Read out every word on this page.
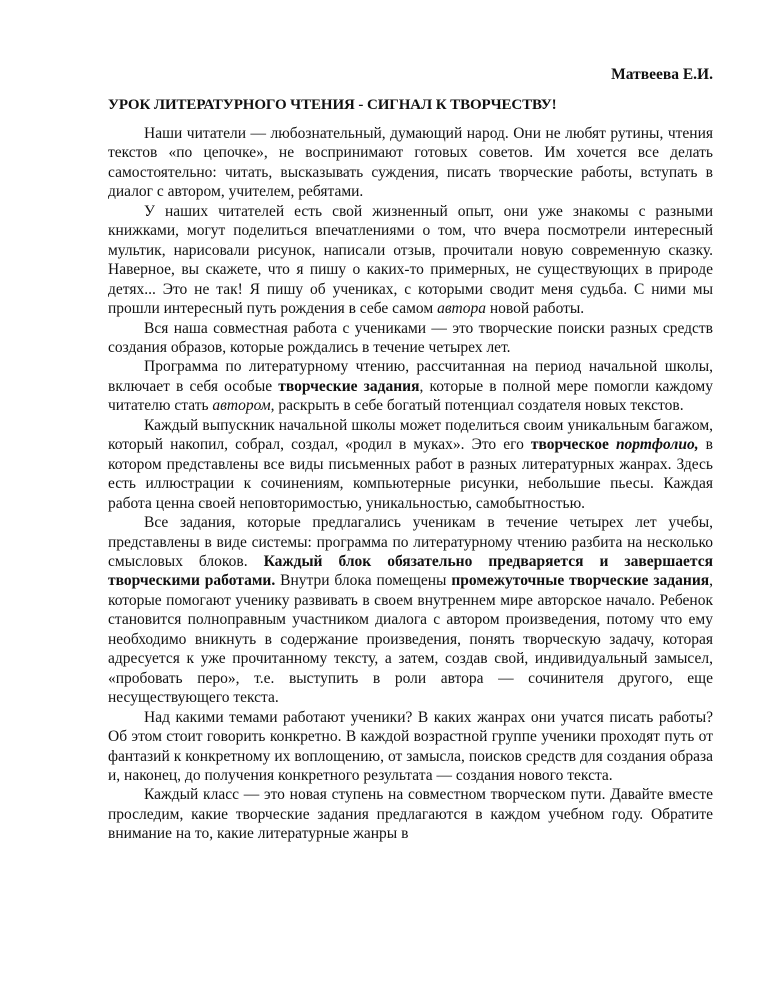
Матвеева Е.И.
УРОК ЛИТЕРАТУРНОГО ЧТЕНИЯ - СИГНАЛ К ТВОРЧЕСТВУ!

Наши читатели — любознательный, думающий народ. Они не любят рутины, чтения текстов «по цепочке», не воспринимают готовых советов. Им хочется все делать самостоятельно: читать, высказывать суждения, писать творческие работы, вступать в диалог с автором, учителем, ребятами.

У наших читателей есть свой жизненный опыт, они уже знакомы с разными книжками, могут поделиться впечатлениями о том, что вчера посмотрели интересный мультик, нарисовали рисунок, написали отзыв, прочитали новую современную сказку. Наверное, вы скажете, что я пишу о каких-то примерных, не существующих в природе детях... Это не так! Я пишу об учениках, с которыми сводит меня судьба. С ними мы прошли интересный путь рождения в себе самом автора новой работы.

Вся наша совместная работа с учениками — это творческие поиски разных средств создания образов, которые рождались в течение четырех лет.

Программа по литературному чтению, рассчитанная на период начальной школы, включает в себя особые творческие задания, которые в полной мере помогли каждому читателю стать автором, раскрыть в себе богатый потенциал создателя новых текстов.

Каждый выпускник начальной школы может поделиться своим уникальным багажом, который накопил, собрал, создал, «родил в муках». Это его творческое портфолио, в котором представлены все виды письменных работ в разных литературных жанрах. Здесь есть иллюстрации к сочинениям, компьютерные рисунки, небольшие пьесы. Каждая работа ценна своей неповторимостью, уникальностью, самобытностью.

Все задания, которые предлагались ученикам в течение четырех лет учебы, представлены в виде системы: программа по литературному чтению разбита на несколько смысловых блоков. Каждый блок обязательно предваряется и завершается творческими работами. Внутри блока помещены промежуточные творческие задания, которые помогают ученику развивать в своем внутреннем мире авторское начало. Ребенок становится полноправным участником диалога с автором произведения, потому что ему необходимо вникнуть в содержание произведения, понять творческую задачу, которая адресуется к уже прочитанному тексту, а затем, создав свой, индивидуальный замысел, «пробовать перо», т.е. выступить в роли автора — сочинителя другого, еще несуществующего текста.

Над какими темами работают ученики? В каких жанрах они учатся писать работы? Об этом стоит говорить конкретно. В каждой возрастной группе ученики проходят путь от фантазий к конкретному их воплощению, от замысла, поисков средств для создания образа и, наконец, до получения конкретного результата — создания нового текста.

Каждый класс — это новая ступень на совместном творческом пути. Давайте вместе проследим, какие творческие задания предлагаются в каждом учебном году. Обратите внимание на то, какие литературные жанры в
